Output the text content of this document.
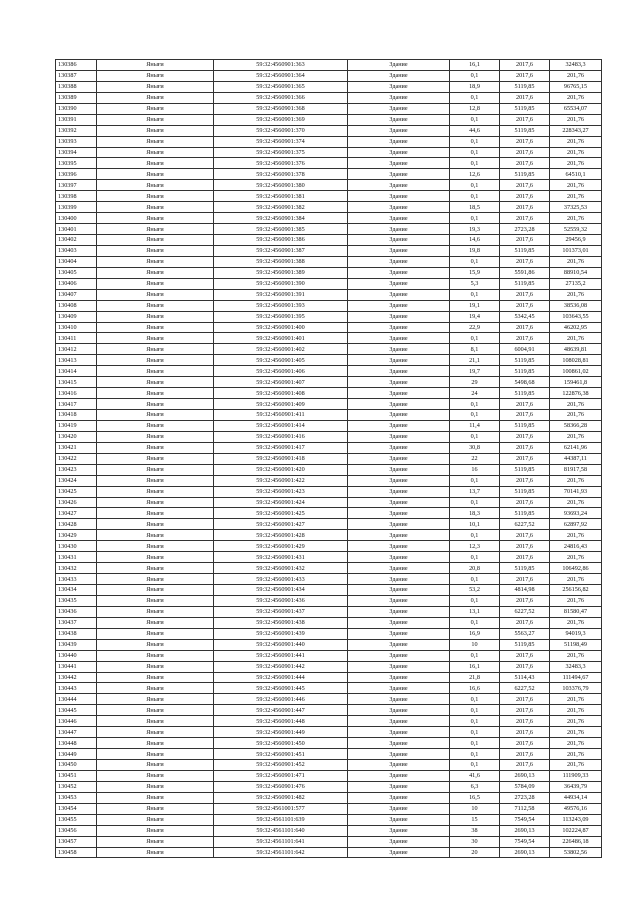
130386	Янығи	59:32:4560901:363	Здание	16,1	2017,6	32483,3
130387	Янығи	59:32:4560901:364	Здание	0,1	2017,6	201,76
130388	Янығи	59:32:4560901:365	Здание	18,9	5119,85	96765,15
130389	Янығи	59:32:4560901:366	Здание	0,1	2017,6	201,76
130390	Янығи	59:32:4560901:368	Здание	12,8	5119,85	65534,07
130391	Янығи	59:32:4560901:369	Здание	0,1	2017,6	201,76
130392	Янығи	59:32:4560901:370	Здание	44,6	5119,85	228343,27
130393	Янығи	59:32:4560901:374	Здание	0,1	2017,6	201,76
130394	Янығи	59:32:4560901:375	Здание	0,1	2017,6	201,76
130395	Янығи	59:32:4560901:376	Здание	0,1	2017,6	201,76
130396	Янығи	59:32:4560901:378	Здание	12,6	5119,85	64510,1
130397	Янығи	59:32:4560901:380	Здание	0,1	2017,6	201,76
130398	Янығи	59:32:4560901:381	Здание	0,1	2017,6	201,76
130399	Янығи	59:32:4560901:382	Здание	18,5	2017,6	37325,53
130400	Янығи	59:32:4560901:384	Здание	0,1	2017,6	201,76
130401	Янығи	59:32:4560901:385	Здание	19,3	2723,28	52559,32
130402	Янығи	59:32:4560901:386	Здание	14,6	2017,6	29456,9
130403	Янығи	59:32:4560901:387	Здание	19,8	5119,85	101373,01
130404	Янығи	59:32:4560901:388	Здание	0,1	2017,6	201,76
130405	Янығи	59:32:4560901:389	Здание	15,9	5591,86	88910,54
130406	Янығи	59:32:4560901:390	Здание	5,3	5119,85	27135,2
130407	Янығи	59:32:4560901:391	Здание	0,1	2017,6	201,76
130408	Янығи	59:32:4560901:393	Здание	19,1	2017,6	38536,08
130409	Янығи	59:32:4560901:395	Здание	19,4	5342,45	103643,55
130410	Янығи	59:32:4560901:400	Здание	22,9	2017,6	46202,95
130411	Янығи	59:32:4560901:401	Здание	0,1	2017,6	201,76
130412	Янығи	59:32:4560901:402	Здание	8,1	6004,91	48639,81
130413	Янығи	59:32:4560901:405	Здание	21,1	5119,85	108028,81
130414	Янығи	59:32:4560901:406	Здание	19,7	5119,85	100861,02
130415	Янығи	59:32:4560901:407	Здание	29	5498,68	159461,8
130416	Янығи	59:32:4560901:408	Здание	24	5119,85	122876,38
130417	Янығи	59:32:4560901:409	Здание	0,1	2017,6	201,76
130418	Янығи	59:32:4560901:411	Здание	0,1	2017,6	201,76
130419	Янығи	59:32:4560901:414	Здание	11,4	5119,85	58366,28
130420	Янығи	59:32:4560901:416	Здание	0,1	2017,6	201,76
130421	Янығи	59:32:4560901:417	Здание	30,8	2017,6	62141,96
130422	Янығи	59:32:4560901:418	Здание	22	2017,6	44387,11
130423	Янығи	59:32:4560901:420	Здание	16	5119,85	81917,58
130424	Янығи	59:32:4560901:422	Здание	0,1	2017,6	201,76
130425	Янығи	59:32:4560901:423	Здание	13,7	5119,85	70141,93
130426	Янығи	59:32:4560901:424	Здание	0,1	2017,6	201,76
130427	Янығи	59:32:4560901:425	Здание	18,3	5119,85	93693,24
130428	Янығи	59:32:4560901:427	Здание	10,1	6227,52	62897,92
130429	Янығи	59:32:4560901:428	Здание	0,1	2017,6	201,76
130430	Янығи	59:32:4560901:429	Здание	12,3	2017,6	24816,43
130431	Янығи	59:32:4560901:431	Здание	0,1	2017,6	201,76
130432	Янығи	59:32:4560901:432	Здание	20,8	5119,85	106492,86
130433	Янығи	59:32:4560901:433	Здание	0,1	2017,6	201,76
130434	Янығи	59:32:4560901:434	Здание	53,2	4814,98	256156,82
130435	Янығи	59:32:4560901:436	Здание	0,1	2017,6	201,76
130436	Янығи	59:32:4560901:437	Здание	13,1	6227,52	81580,47
130437	Янығи	59:32:4560901:438	Здание	0,1	2017,6	201,76
130438	Янығи	59:32:4560901:439	Здание	16,9	5563,27	94019,3
130439	Янығи	59:32:4560901:440	Здание	10	5119,85	51198,49
130440	Янығи	59:32:4560901:441	Здание	0,1	2017,6	201,76
130441	Янығи	59:32:4560901:442	Здание	16,1	2017,6	32483,3
130442	Янығи	59:32:4560901:444	Здание	21,8	5114,43	111494,67
130443	Янығи	59:32:4560901:445	Здание	16,6	6227,52	103376,79
130444	Янығи	59:32:4560901:446	Здание	0,1	2017,6	201,76
130445	Янығи	59:32:4560901:447	Здание	0,1	2017,6	201,76
130446	Янығи	59:32:4560901:448	Здание	0,1	2017,6	201,76
130447	Янығи	59:32:4560901:449	Здание	0,1	2017,6	201,76
130448	Янығи	59:32:4560901:450	Здание	0,1	2017,6	201,76
130449	Янығи	59:32:4560901:451	Здание	0,1	2017,6	201,76
130450	Янығи	59:32:4560901:452	Здание	0,1	2017,6	201,76
130451	Янығи	59:32:4560901:471	Здание	41,6	2690,13	111909,33
130452	Янығи	59:32:4560901:476	Здание	6,3	5784,09	36439,79
130453	Янығи	59:32:4560901:482	Здание	16,5	2723,28	44934,14
130454	Янығи	59:32:4561001:577	Здание	10	7112,58	49576,16
130455	Янығи	59:32:4561101:639	Здание	15	7549,54	113243,09
130456	Янығи	59:32:4561101:640	Здание	38	2690,13	102224,87
130457	Янығи	59:32:4561101:641	Здание	30	7549,54	226486,18
130458	Янығи	59:32:4561101:642	Здание	20	2690,13	53802,56
